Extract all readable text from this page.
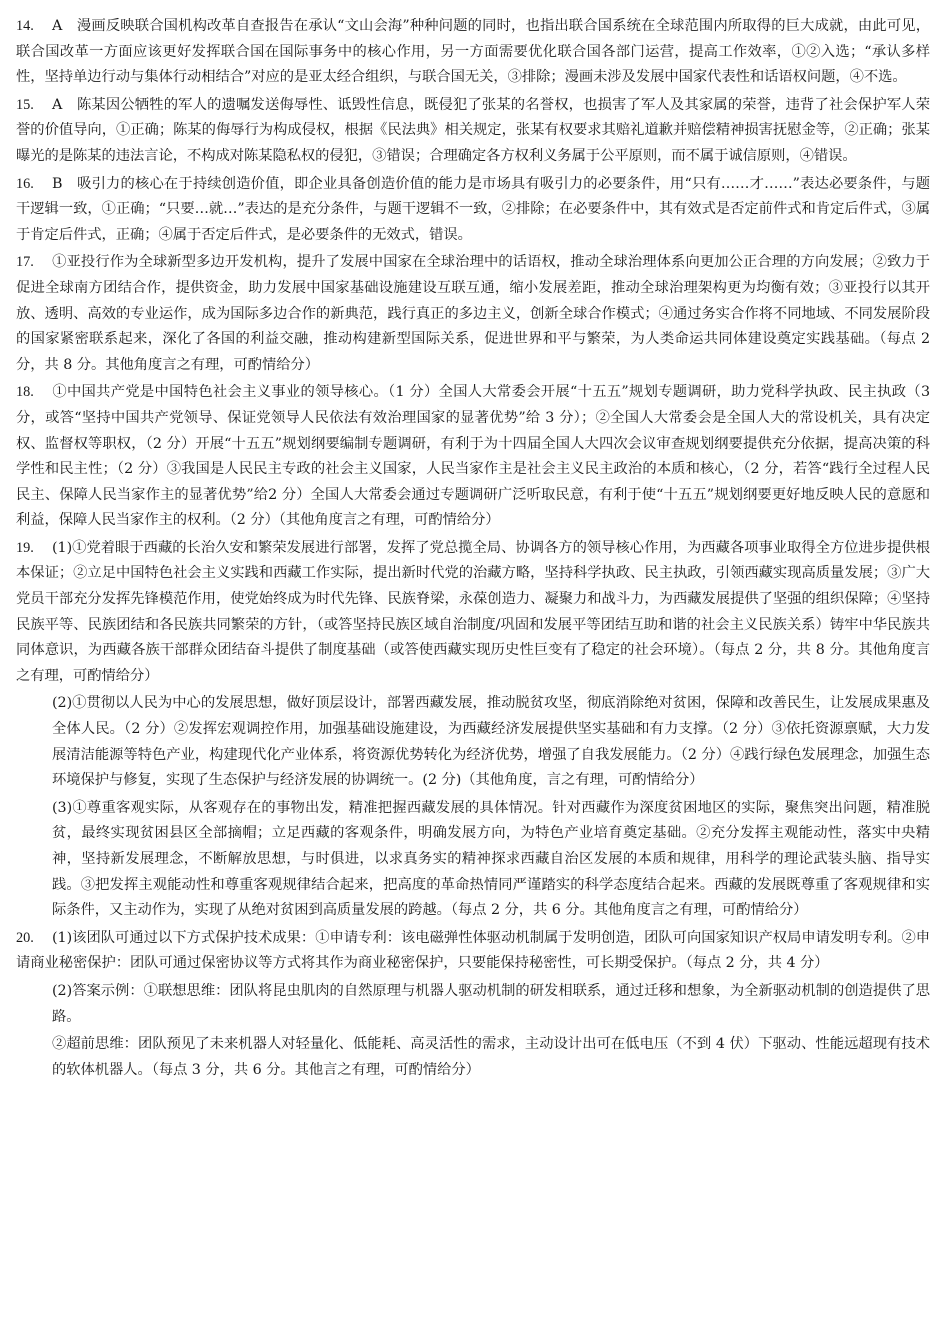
14. A　漫画反映联合国机构改革自查报告在承认“文山会海”种种问题的同时，也指出联合国系统在全球范围内所取得的巨大成就，由此可见，联合国改革一方面应该更好发挥联合国在国际事务中的核心作用，另一方面需要优化联合国各部门运营，提高工作效率，①②入选；“承认多样性，坚持单边行动与集体行动相结合”对应的是亚太经合组织，与联合国无关，③排除；漫画未涉及发展中国家代表性和话语权问题，④不选。
15. A　陈某因公牺牲的军人的遗嘱发送侮辱性、诋毁性信息，既侵犯了张某的名誉权，也损害了军人及其家属的荣誉，违背了社会保护军人荣誉的价值导向，①正确；陈某的侮辱行为构成侵权，根据《民法典》相关规定，张某有权要求其赔礼道歉并赔偿精神损害抚慰金等，②正确；张某曝光的是陈某的违法言论，不构成对陈某隐私权的侵犯，③错误；合理确定各方权利义务属于公平原则，而不属于诚信原则，④错误。
16. B　吸引力的核心在于持续创造价值，即企业具备创造价值的能力是市场具有吸引力的必要条件，用“只有……才……”表达必要条件，与题干逻辑一致，①正确；“只要…就…”表达的是充分条件，与题干逻辑不一致，②排除；在必要条件中，其有效式是否定前件式和肯定后件式，③属于肯定后件式，正确；④属于否定后件式，是必要条件的无效式，错误。
17. ①亚投行作为全球新型多边开发机构，提升了发展中国家在全球治理中的话语权，推动全球治理体系向更加公正合理的方向发展；②致力于促进全球南方团结合作，提供资金，助力发展中国家基础设施建设互联互通，缩小发展差距，推动全球治理架构更为均衡有效；③亚投行以其开放、透明、高效的专业运作，成为国际多边合作的新典范，践行真正的多边主义，创新全球合作模式；④通过务实合作将不同地域、不同发展阶段的国家紧密联系起来，深化了各国的利益交融，推动构建新型国际关系，促进世界和平与繁荣，为人类命运共同体建设奠定实践基础。（每点 2 分，共 8 分。其他角度言之有理，可酌情给分）
18. ①中国共产党是中国特色社会主义事业的领导核心。（1 分）全国人大常委会开展“十五五”规划专题调研，助力党科学执政、民主执政（3 分，或答“坚持中国共产党领导、保证党领导人民依法有效治理国家的显著优势”给 3 分）；②全国人大常委会是全国人大的常设机关，具有决定权、监督权等职权，（2 分）开展“十五五”规划纲要编制专题调研，有利于为十四届全国人大四次会议审查规划纲要提供充分依据，提高决策的科学性和民主性；（2 分）③我国是人民民主专政的社会主义国家，人民当家作主是社会主义民主政治的本质和核心，（2 分，若答“践行全过程人民民主、保障人民当家作主的显著优势”给2 分）全国人大常委会通过专题调研广泛听取民意，有利于使“十五五”规划纲要更好地反映人民的意愿和利益，保障人民当家作主的权利。（2 分）（其他角度言之有理，可酌情给分）
19. (1)①党着眼于西藏的长治久安和繁荣发展进行部署，发挥了党总揽全局、协调各方的领导核心作用，为西藏各项事业取得全方位进步提供根本保证；②立足中国特色社会主义实践和西藏工作实际，提出新时代党的治藏方略，坚持科学执政、民主执政，引领西藏实现高质量发展；③广大党员干部充分发挥先锋模范作用，使党始终成为时代先锋、民族脊梁，永葆创造力、凝聚力和战斗力，为西藏发展提供了坚强的组织保障；④坚持民族平等、民族团结和各民族共同繁荣的方针，（或答坚持民族区域自治制度/巩固和发展平等团结互助和谐的社会主义民族关系）铸牢中华民族共同体意识，为西藏各族干部群众团结奋斗提供了制度基础（或答使西藏实现历史性巨变有了稳定的社会环境）。（每点 2 分，共 8 分。其他角度言之有理，可酌情给分）
(2)①贯彻以人民为中心的发展思想，做好顶层设计，部署西藏发展，推动脱贫攻坚，彻底消除绝对贫困，保障和改善民生，让发展成果惠及全体人民。（2 分）②发挥宏观调控作用，加强基础设施建设，为西藏经济发展提供坚实基础和有力支撑。（2 分）③依托资源禀赋，大力发展清洁能源等特色产业，构建现代化产业体系，将资源优势转化为经济优势，增强了自我发展能力。（2 分）④践行绿色发展理念，加强生态环境保护与修复，实现了生态保护与经济发展的协调统一。(2 分)（其他角度，言之有理，可酌情给分）
(3)①尊重客观实际，从客观存在的事物出发，精准把握西藏发展的具体情况。针对西藏作为深度贫困地区的实际，聚焦突出问题，精准脱贫，最终实现贫困县区全部摘帽；立足西藏的客观条件，明确发展方向，为特色产业培育奠定基础。②充分发挥主观能动性，落实中央精神，坚持新发展理念，不断解放思想，与时俱进，以求真务实的精神探求西藏自治区发展的本质和规律，用科学的理论武装头脑、指导实践。③把发挥主观能动性和尊重客观规律结合起来，把高度的革命热情同严谨踏实的科学态度结合起来。西藏的发展既尊重了客观规律和实际条件，又主动作为，实现了从绝对贫困到高质量发展的跨越。（每点 2 分，共 6 分。其他角度言之有理，可酌情给分）
20. (1)该团队可通过以下方式保护技术成果：①申请专利：该电磁弹性体驱动机制属于发明创造，团队可向国家知识产权局申请发明专利。②申请商业秘密保护：团队可通过保密协议等方式将其作为商业秘密保护，只要能保持秘密性，可长期受保护。（每点 2 分，共 4 分）
(2)答案示例：①联想思维：团队将昆虫肌肉的自然原理与机器人驱动机制的研发相联系，通过迁移和想象，为全新驱动机制的创造提供了思路。
②超前思维：团队预见了未来机器人对轻量化、低能耗、高灵活性的需求，主动设计出可在低电压（不到 4 伏）下驱动、性能远超现有技术的软体机器人。（每点 3 分，共 6 分。其他言之有理，可酌情给分）
